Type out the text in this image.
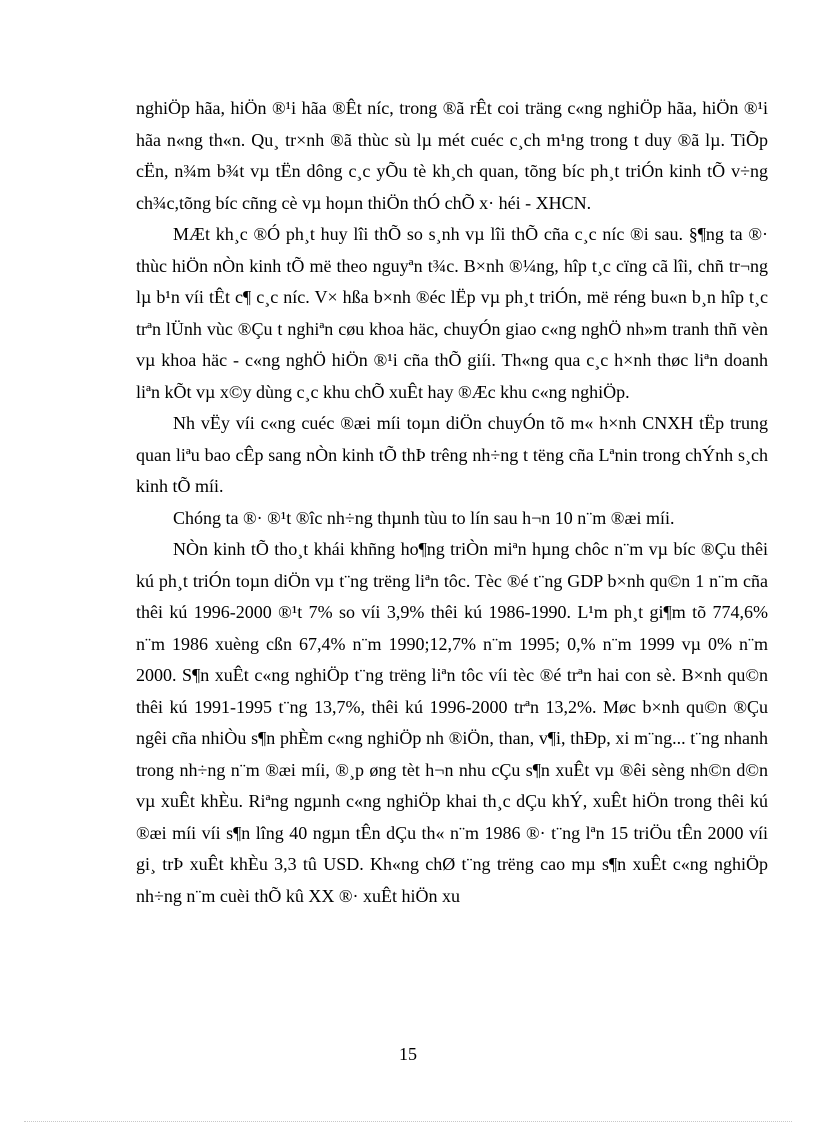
nghiÖp hãa, hiÖn ®¹i hãa ®Êt níc, trong ®ã rÊt coi träng c«ng nghiÖp hãa, hiÖn ®¹i hãa n«ng th«n. Qu¸ tr×nh ®ã thùc sù lµ mét cuéc c¸ch m¹ng trong t duy ®ã lµ. TiÕp cËn, n¾m b¾t vµ tËn dông c¸c yÕu tè kh¸ch quan, tõng bíc ph¸t triÓn kinh tÕ v÷ng ch¾c,tõng bíc cñng cè vµ hoµn thiÖn thÓ chÕ x· héi - XHCN.

MÆt kh¸c ®Ó ph¸t huy lîi thÕ so s¸nh vµ lîi thÕ cña c¸c níc ®i sau. §¶ng ta ®· thùc hiÖn nÒn kinh tÕ më theo nguyªn t¾c. B×nh ®¼ng, hîp t¸c cïng cã lîi, chñ tr¬ng lµ b¹n víi tÊt c¶ c¸c níc. V× hßa b×nh ®éc lËp vµ ph¸t triÓn, më réng bu«n b¸n hîp t¸c trªn lÜnh vùc ®Çu t nghiªn cøu khoa häc, chuyÓn giao c«ng nghÖ nh»m tranh thñ vèn vµ khoa häc - c«ng nghÖ hiÖn ®¹i cña thÕ giíi. Th«ng qua c¸c h×nh thøc liªn doanh liªn kÕt vµ x©y dùng c¸c khu chÕ xuÊt hay ®Æc khu c«ng nghiÖp.

Nh vËy víi c«ng cuéc ®æi míi toµn diÖn chuyÓn tõ m« h×nh CNXH tËp trung quan liªu bao cÊp sang nÒn kinh tÕ thÞ trêng nh÷ng t tëng cña Lªnin trong chÝnh s¸ch kinh tÕ míi.

Chóng ta ®· ®¹t ®îc nh÷ng thµnh tùu to lín sau h¬n 10 n¨m ®æi míi.

NÒn kinh tÕ tho¸t khái khñng ho¶ng triÒn miªn hµng chôc n¨m vµ bíc ®Çu thêi kú ph¸t triÓn toµn diÖn vµ t¨ng trëng liªn tôc. Tèc ®é t¨ng GDP b×nh qu©n 1 n¨m cña thêi kú 1996-2000 ®¹t 7% so víi 3,9% thêi kú 1986-1990. L¹m ph¸t gi¶m tõ 774,6% n¨m 1986 xuèng cßn 67,4% n¨m 1990;12,7% n¨m 1995; 0,% n¨m 1999 vµ 0% n¨m 2000. S¶n xuÊt c«ng nghiÖp t¨ng trëng liªn tôc víi tèc ®é trªn hai con sè. B×nh qu©n thêi kú 1991-1995 t¨ng 13,7%, thêi kú 1996-2000 trªn 13,2%. Møc b×nh qu©n ®Çu ngêi cña nhiÒu s¶n phÈm c«ng nghiÖp nh ®iÖn, than, v¶i, thÐp, xi m¨ng... t¨ng nhanh trong nh÷ng n¨m ®æi míi, ®¸p øng tèt h¬n nhu cÇu s¶n xuÊt vµ ®êi sèng nh©n d©n vµ xuÊt khÈu. Riªng ngµnh c«ng nghiÖp khai th¸c dÇu khÝ, xuÊt hiÖn trong thêi kú ®æi míi víi s¶n lîng 40 ngµn tÊn dÇu th« n¨m 1986 ®· t¨ng lªn 15 triÖu tÊn 2000 víi gi¸ trÞ xuÊt khÈu 3,3 tû USD. Kh«ng chØ t¨ng trëng cao mµ s¶n xuÊt c«ng nghiÖp nh÷ng n¨m cuèi thÕ kû XX ®· xuÊt hiÖn xu

15
